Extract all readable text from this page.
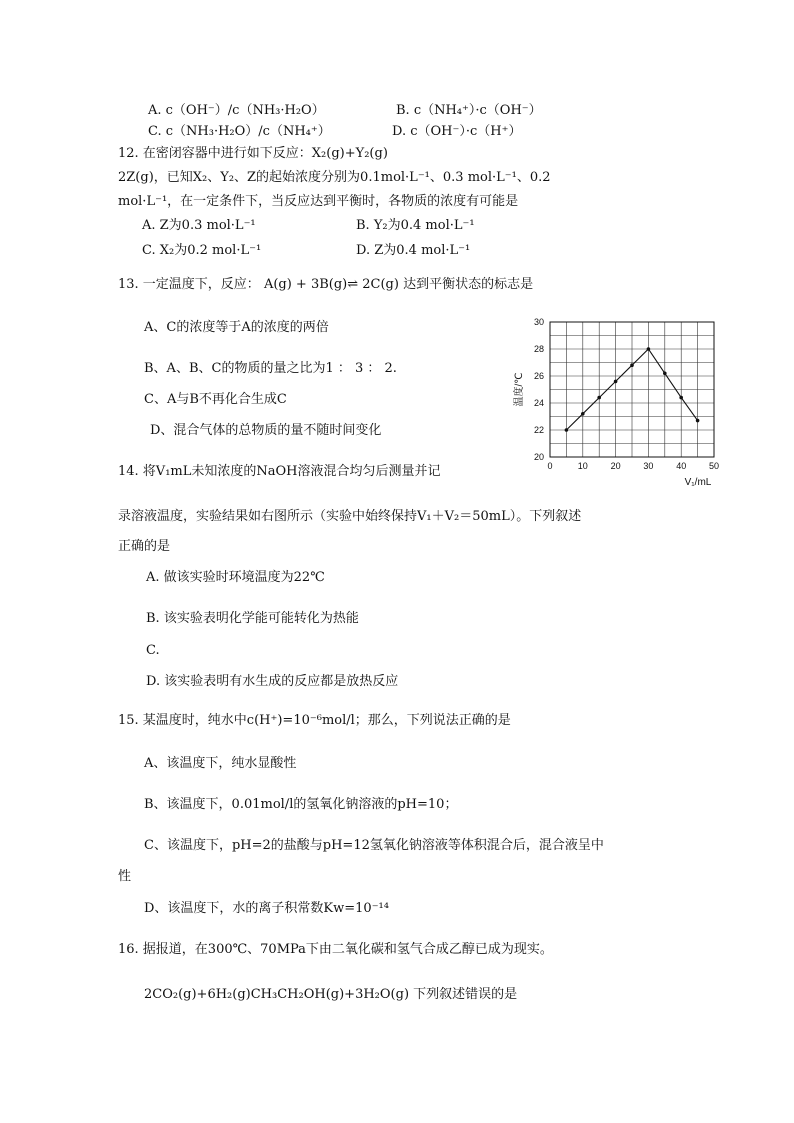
A. c（OH⁻）/c（NH₃·H₂O）	B. c（NH₄⁺）·c（OH⁻）
C. c（NH₃·H₂O）/c（NH₄⁺）	D. c（OH⁻）·c（H⁺）
12. 在密闭容器中进行如下反应：X₂(g)+Y₂(g)
2Z(g)，已知X₂、Y₂、Z的起始浓度分别为0.1mol·L⁻¹、0.3 mol·L⁻¹、0.2
mol·L⁻¹，在一定条件下，当反应达到平衡时，各物质的浓度有可能是
A. Z为0.3 mol·L⁻¹	B. Y₂为0.4 mol·L⁻¹
C. X₂为0.2 mol·L⁻¹	D. Z为0.4 mol·L⁻¹
13. 一定温度下，反应： A(g) + 3B(g)⇌ 2C(g) 达到平衡状态的标志是
A、C的浓度等于A的浓度的两倍
B、A、B、C的物质的量之比为1 ： 3 ： 2.
C、A与B不再化合生成C
D、混合气体的总物质的量不随时间变化
14. 将V₁mL未知浓度的NaOH溶液混合均匀后测量并记
录溶液温度，实验结果如右图所示（实验中始终保持V₁＋V₂＝50mL）。下列叙述
正确的是
A. 做该实验时环境温度为22℃
B. 该实验表明化学能可能转化为热能
C.
D. 该实验表明有水生成的反应都是放热反应
15. 某温度时，纯水中c(H⁺)=10⁻⁶mol/l；那么，下列说法正确的是
A、该温度下，纯水显酸性
B、该温度下，0.01mol/l的氢氧化钠溶液的pH=10；
C、该温度下，pH=2的盐酸与pH=12氢氧化钠溶液等体积混合后，混合液呈中
性
D、该温度下，水的离子积常数Kw=10⁻¹⁴
16. 据报道，在300℃、70MPa下由二氧化碳和氢气合成乙醇已成为现实。
2CO₂(g)+6H₂(g)CH₃CH₂OH(g)+3H₂O(g) 下列叙述错误的是
0	10	20	30	40	50
20
22
24
26
28
30
温度/℃
V₁/mL
